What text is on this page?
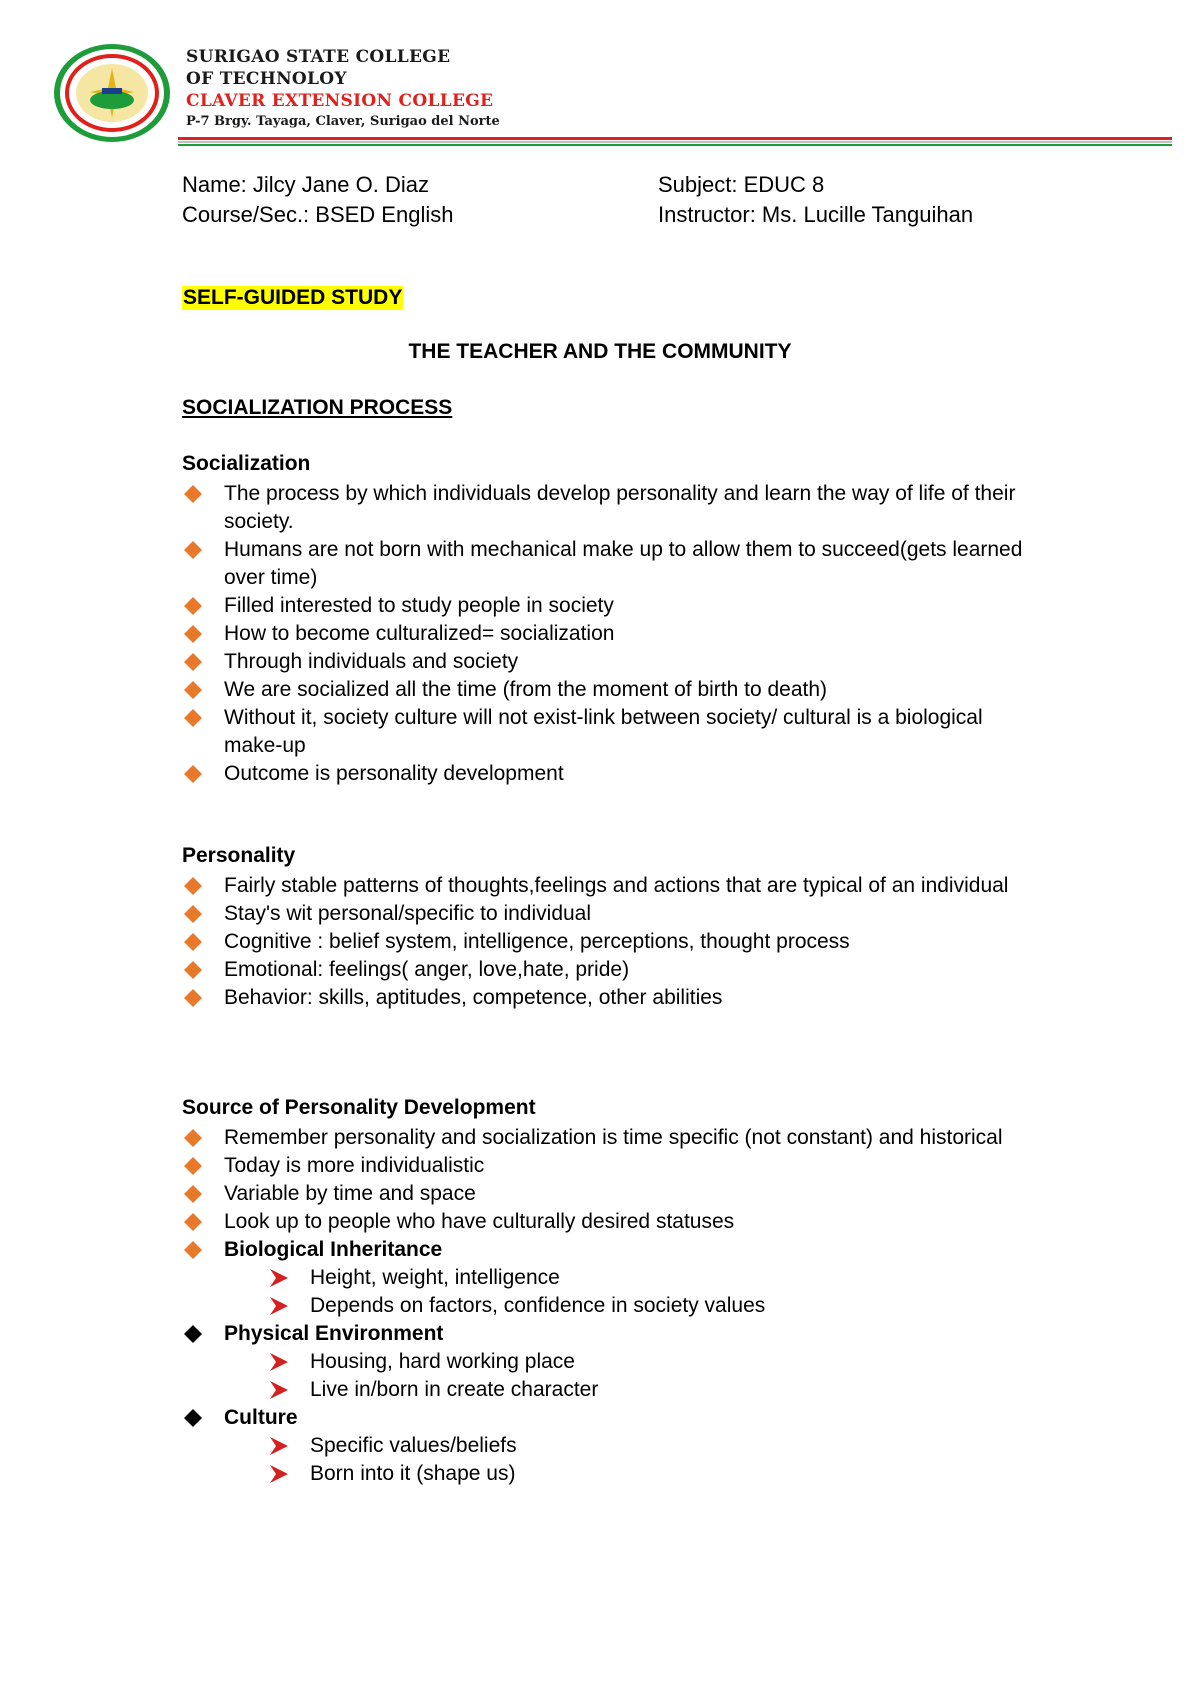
SURIGAO STATE COLLEGE
OF TECHNOLOY
CLAVER EXTENSION COLLEGE
P-7 Brgy. Tayaga, Claver, Surigao del Norte
Name: Jilcy Jane O. Diaz
Course/Sec.: BSED English
Subject: EDUC 8
Instructor: Ms. Lucille Tanguihan
SELF-GUIDED STUDY
THE TEACHER AND THE COMMUNITY
SOCIALIZATION PROCESS
Socialization
The process by which individuals develop personality and learn the way of life of their society.
Humans are not born with mechanical make up to allow them to succeed(gets learned over time)
Filled interested to study people in society
How to become culturalized= socialization
Through individuals and society
We are socialized all the time (from the moment of birth to death)
Without it, society culture will not exist-link between society/ cultural is a biological make-up
Outcome is personality development
Personality
Fairly stable patterns of thoughts,feelings and actions that are typical of an individual
Stay's wit personal/specific to individual
Cognitive : belief system, intelligence, perceptions, thought process
Emotional: feelings( anger, love,hate, pride)
Behavior: skills, aptitudes, competence, other abilities
Source of Personality Development
Remember personality and socialization is time specific (not constant) and historical
Today is more individualistic
Variable by time and space
Look up to people who have culturally desired statuses
Biological Inheritance
Height, weight, intelligence
Depends on factors, confidence in society values
Physical Environment
Housing, hard working place
Live in/born in create character
Culture
Specific values/beliefs
Born into it (shape us)
